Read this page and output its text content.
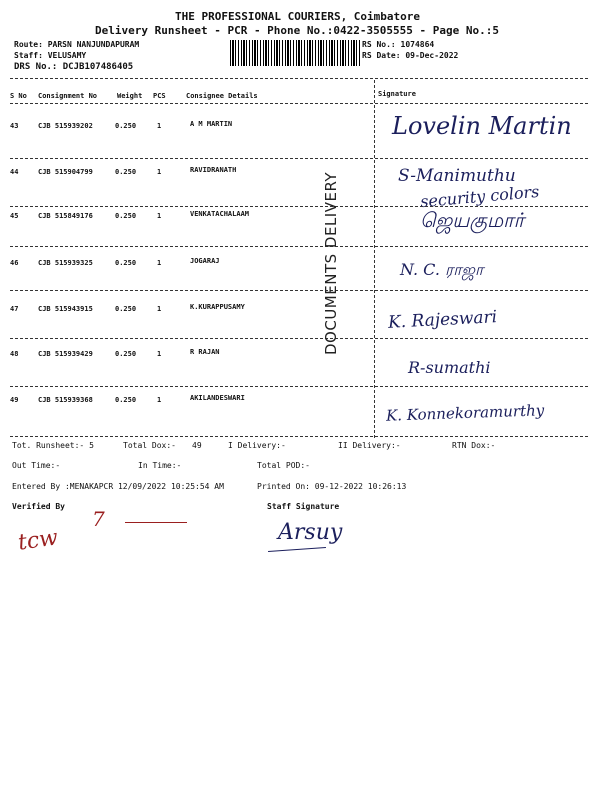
THE PROFESSIONAL COURIERS, Coimbatore
Delivery Runsheet - PCR - Phone No.:0422-3505555 - Page No.:5
Route: PARSN NANJUNDAPURAM
Staff: VELUSAMY
DRS No.: DCJB107486405
RS No.: 1074864
RS Date: 09-Dec-2022
S No Consignment No	Weight PCS	Consignee Details	Signature
43	CJB 515939202	0.250	1	A M MARTIN	Lovelin Martin
44	CJB 515904799	0.250	1	RAVIDRANATH	S-Manimuthu
security colors
45	CJB 515849176	0.250	1	VENKATACHALAAM	ஜெயகுமார்
46	CJB 515939325	0.250	1	JOGARAJ	N. C. ராஜா
47	CJB 515943915	0.250	1	K.KURAPPUSAMY
K. Rajeswari
48	CJB 515939429	0.250	1	R RAJAN
R-sumathi
49	CJB 515939368	0.250	1	AKILANDESWARI
K. Konnekoramurthy
DOCUMENTS DELIVERY
Tot. Runsheet:- 5	Total Dox:- 49	I Delivery:-	II Delivery:-	RTN Dox:-
Out Time:-	In Time:-	Total POD:-
Entered By :MENAKAPCR 12/09/2022 10:25:54 AM	Printed On: 09-12-2022 10:26:13
Verified By	Staff Signature
tcw
7
Arsuy
